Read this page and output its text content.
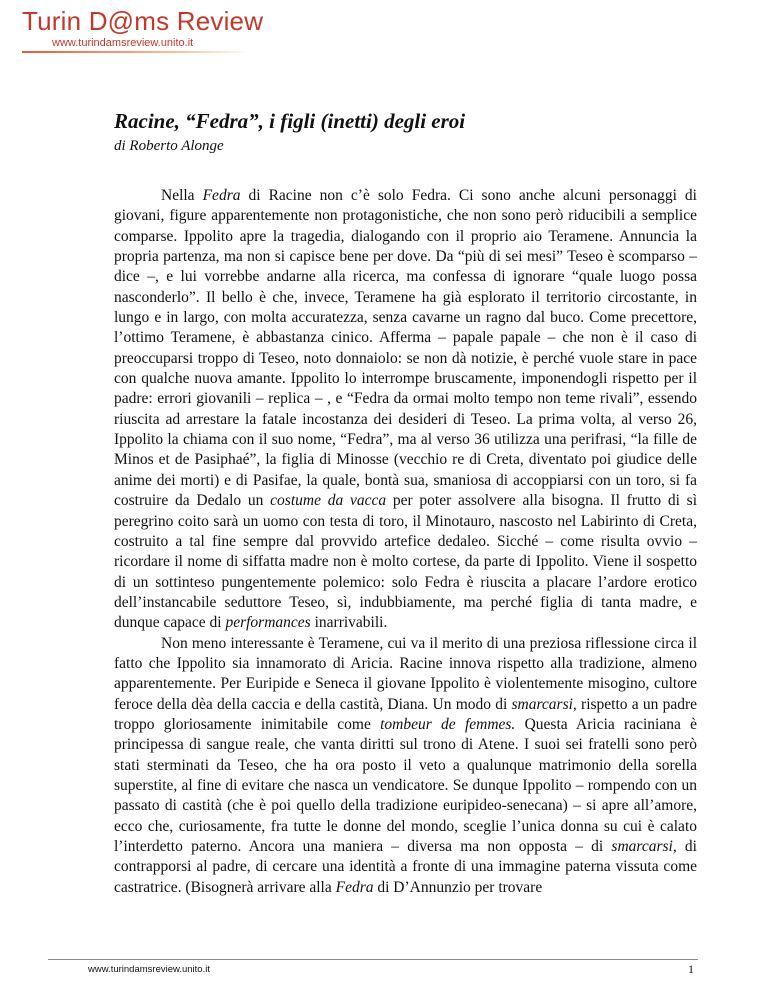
Turin D@ms Review
www.turindamsreview.unito.it
Racine, “Fedra”, i figli (inetti) degli eroi
di Roberto Alonge

Nella Fedra di Racine non c’è solo Fedra. Ci sono anche alcuni personaggi di giovani, figure apparentemente non protagonistiche, che non sono però riducibili a semplice comparse. Ippolito apre la tragedia, dialogando con il proprio aio Teramene. Annuncia la propria partenza, ma non si capisce bene per dove. Da “più di sei mesi” Teseo è scomparso – dice –, e lui vorrebbe andarne alla ricerca, ma confessa di ignorare “quale luogo possa nasconderlo”. Il bello è che, invece, Teramene ha già esplorato il territorio circostante, in lungo e in largo, con molta accuratezza, senza cavarne un ragno dal buco. Come precettore, l’ottimo Teramene, è abbastanza cinico. Afferma – papale papale – che non è il caso di preoccuparsi troppo di Teseo, noto donnaiolo: se non dà notizie, è perché vuole stare in pace con qualche nuova amante. Ippolito lo interrompe bruscamente, imponendogli rispetto per il padre: errori giovanili – replica – , e “Fedra da ormai molto tempo non teme rivali”, essendo riuscita ad arrestare la fatale incostanza dei desideri di Teseo. La prima volta, al verso 26, Ippolito la chiama con il suo nome, “Fedra”, ma al verso 36 utilizza una perifrasi, “la fille de Minos et de Pasiphaé”, la figlia di Minosse (vecchio re di Creta, diventato poi giudice delle anime dei morti) e di Pasifae, la quale, bontà sua, smaniosa di accoppiarsi con un toro, si fa costruire da Dedalo un costume da vacca per poter assolvere alla bisogna. Il frutto di sì peregrino coito sarà un uomo con testa di toro, il Minotauro, nascosto nel Labirinto di Creta, costruito a tal fine sempre dal provvido artefice dedaleo. Sicché – come risulta ovvio – ricordare il nome di siffatta madre non è molto cortese, da parte di Ippolito. Viene il sospetto di un sottinteso pungentemente polemico: solo Fedra è riuscita a placare l’ardore erotico dell’instancabile seduttore Teseo, sì, indubbiamente, ma perché figlia di tanta madre, e dunque capace di performances inarrivabili.

Non meno interessante è Teramene, cui va il merito di una preziosa riflessione circa il fatto che Ippolito sia innamorato di Aricia. Racine innova rispetto alla tradizione, almeno apparentemente. Per Euripide e Seneca il giovane Ippolito è violentemente misogino, cultore feroce della dèa della caccia e della castità, Diana. Un modo di smarcarsi, rispetto a un padre troppo gloriosamente inimitabile come tombeur de femmes. Questa Aricia raciniana è principessa di sangue reale, che vanta diritti sul trono di Atene. I suoi sei fratelli sono però stati sterminati da Teseo, che ha ora posto il veto a qualunque matrimonio della sorella superstite, al fine di evitare che nasca un vendicatore. Se dunque Ippolito – rompendo con un passato di castità (che è poi quello della tradizione euripideo-senecana) – si apre all’amore, ecco che, curiosamente, fra tutte le donne del mondo, sceglie l’unica donna su cui è calato l’interdetto paterno. Ancora una maniera – diversa ma non opposta – di smarcarsi, di contrapporsi al padre, di cercare una identità a fronte di una immagine paterna vissuta come castratrice. (Bisognerà arrivare alla Fedra di D’Annunzio per trovare

www.turindamsreview.unito.it	1
